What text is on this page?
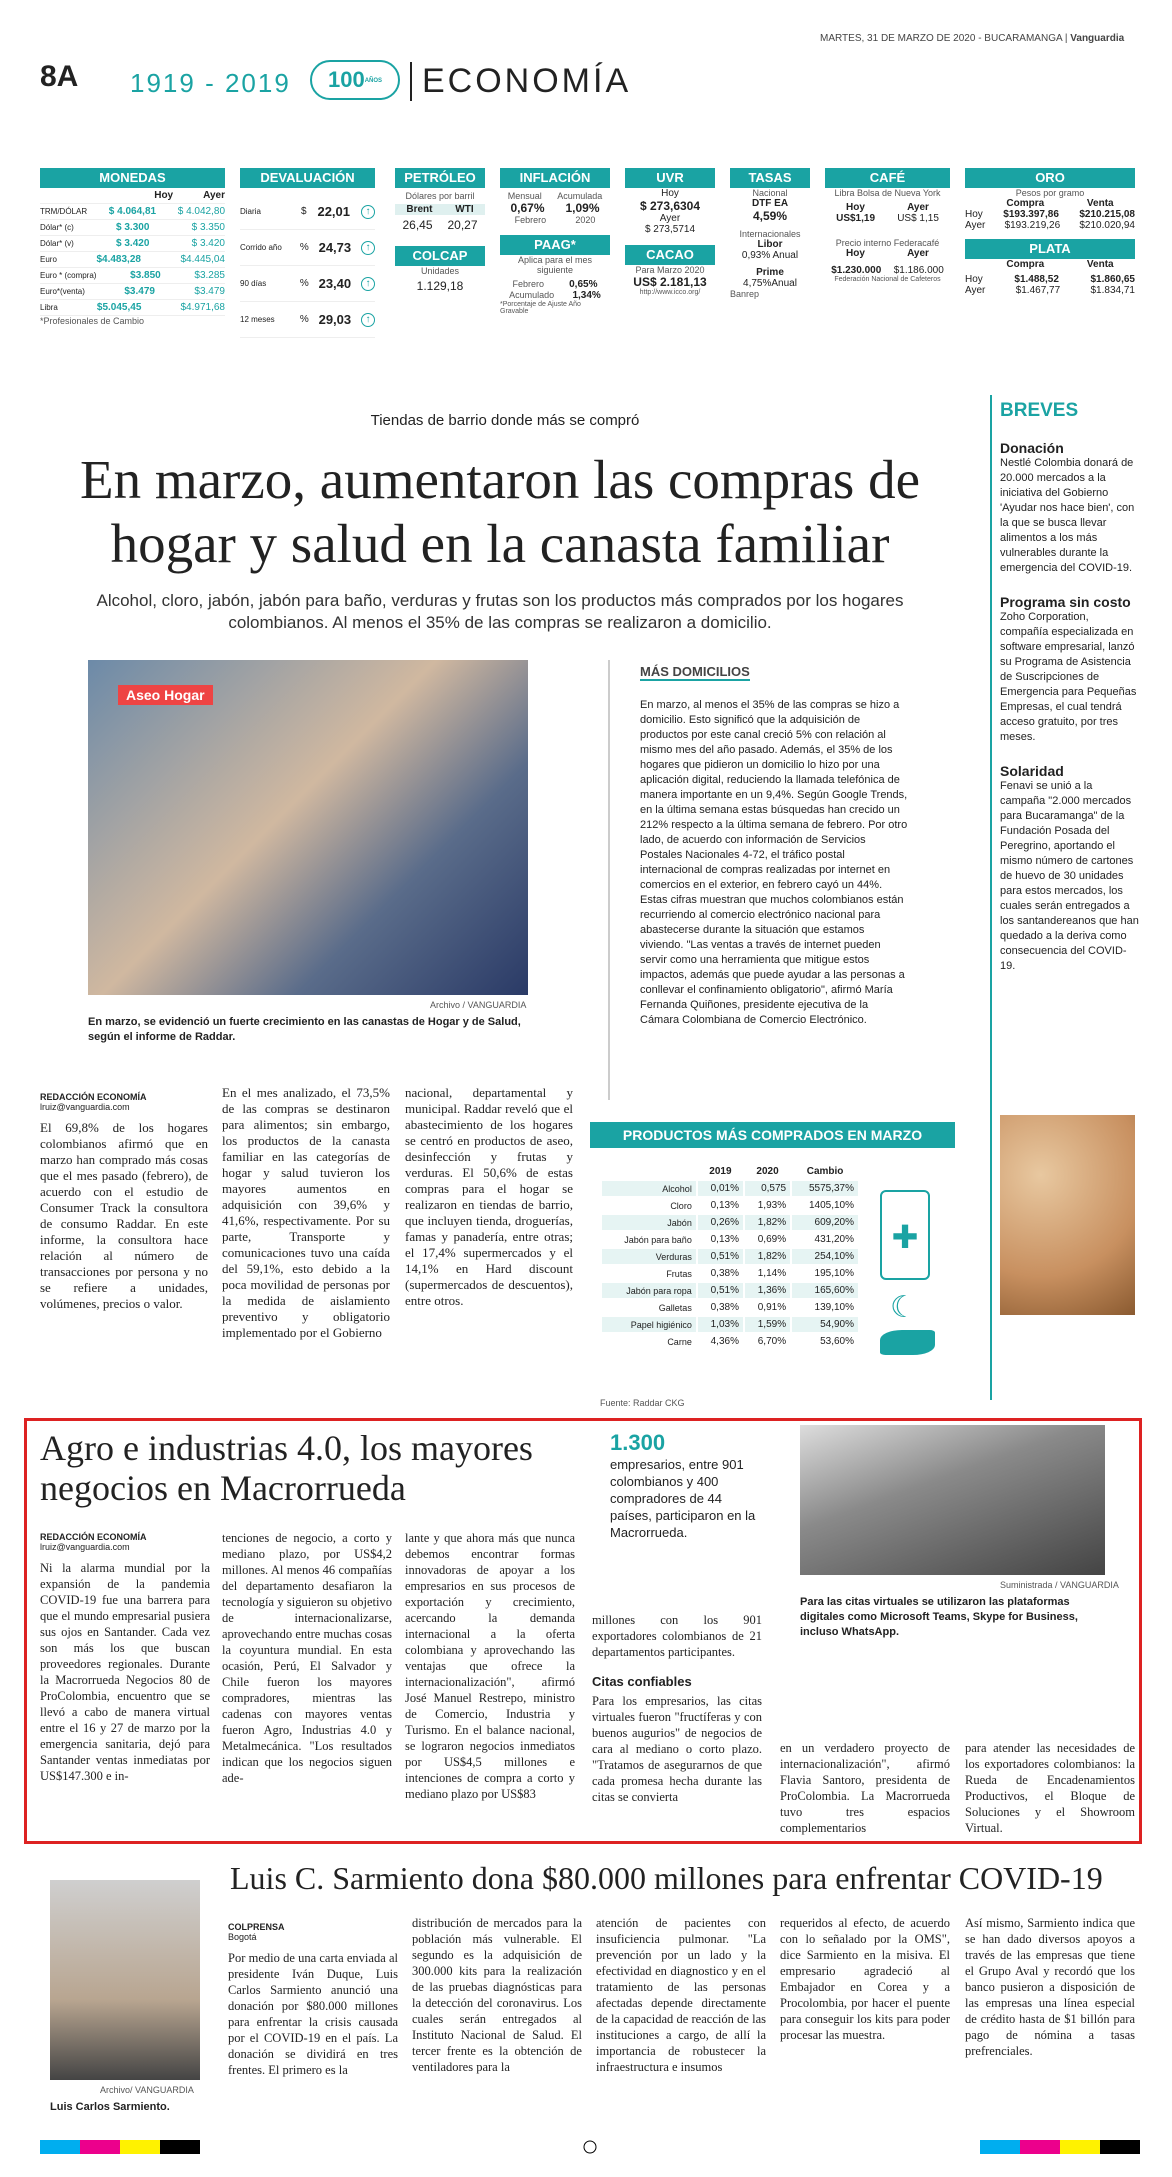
MARTES, 31 DE MARZO DE 2020 - BUCARAMANGA | Vanguardia
8A 1919 - 2019	100AÑOS	ECONOMÍA
MONEDAS
Hoy	Ayer
TRM/DÓLAR $ 4.064,81 $ 4.042,80
Dólar* (c)	$ 3.300	$ 3.350
Dólar* (v)	$ 3.420	$ 3.420
Euro	$4.483,28	$4.445,04
Euro * (compra)	$3.850	$3.285
Euro*(venta)	$3.479	$3.479
Libra	$5.045,45	$4.971,68
*Profesionales de Cambio
DEVALUACIÓN
Diaria	$ 22,01	↑
Corrido año	% 24,73	↑
90 días	% 23,40	↑
12 meses	% 29,03	↑
PETRÓLEO
Dólares por barril
Brent WTI
26,45 20,27
COLCAP
Unidades
1.129,18
INFLACIÓN
Mensual Acumulada
0,67% 1,09%
Febrero	2020
PAAG*
Aplica para el mes siguiente
Febrero	0,65%
Acumulado 1,34%
*Porcentaje de Ajuste Año Gravable
UVR
Hoy
$ 273,6304
Ayer
$ 273,5714
CACAO
Para Marzo 2020
US$ 2.181,13
http://www.icco.org/
TASAS
Nacional
DTF EA
4,59%
Internacionales
Libor
0,93% Anual
Prime
4,75%Anual
Banrep
CAFÉ
Libra Bolsa de Nueva York
Hoy	Ayer
US$1,19 US$ 1,15
Precio interno Federacafé
Hoy	Ayer
$1.230.000 $1.186.000
Federación Nacional de Cafeteros
ORO
Pesos por gramo
Compra	Venta
Hoy $193.397,86 $210.215,08
Ayer $193.219,26 $210.020,94
PLATA
Compra	Venta
Hoy	$1.488,52	$1.860,65
Ayer	$1.467,77	$1.834,71
Tiendas de barrio donde más se compró
En marzo, aumentaron las compras de hogar y salud en la canasta familiar
Alcohol, cloro, jabón, jabón para baño, verduras y frutas son los productos más comprados por los hogares colombianos. Al menos el 35% de las compras se realizaron a domicilio.
Aseo Hogar
Archivo / VANGUARDIA
En marzo, se evidenció un fuerte crecimiento en las canastas de Hogar y de Salud, según el informe de Raddar.
REDACCIÓN ECONOMÍA
lruiz@vanguardia.com
El 69,8% de los hogares colombianos afirmó que en marzo han comprado más cosas que el mes pasado (febrero), de acuerdo con el estudio de Consumer Track la consultora de consumo Raddar. En este informe, la consultora hace relación al número de transacciones por persona y no se refiere a unidades, volúmenes, precios o valor.
En el mes analizado, el 73,5% de las compras se destinaron para alimentos; sin embargo, los productos de la canasta familiar en las categorías de hogar y salud tuvieron los mayores aumentos en adquisición con 39,6% y 41,6%, respectivamente. Por su parte, Transporte y comunicaciones tuvo una caída del 59,1%, esto debido a la poca movilidad de personas por la medida de aislamiento preventivo y obligatorio implementado por el Gobierno
nacional, departamental y municipal. Raddar reveló que el abastecimiento de los hogares se centró en productos de aseo, desinfección y frutas y verduras. El 50,6% de estas compras para el hogar se realizaron en tiendas de barrio, que incluyen tienda, droguerías, famas y panadería, entre otras; el 17,4% supermercados y el 14,1% en Hard discount (supermercados de descuentos), entre otros.
MÁS DOMICILIOS
En marzo, al menos el 35% de las compras se hizo a domicilio. Esto significó que la adquisición de productos por este canal creció 5% con relación al mismo mes del año pasado. Además, el 35% de los hogares que pidieron un domicilio lo hizo por una aplicación digital, reduciendo la llamada telefónica de manera importante en un 9,4%. Según Google Trends, en la última semana estas búsquedas han crecido un 212% respecto a la última semana de febrero. Por otro lado, de acuerdo con información de Servicios Postales Nacionales 4-72, el tráfico postal internacional de compras realizadas por internet en comercios en el exterior, en febrero cayó un 44%. Estas cifras muestran que muchos colombianos están recurriendo al comercio electrónico nacional para abastecerse durante la situación que estamos viviendo. "Las ventas a través de internet pueden servir como una herramienta que mitigue estos impactos, además que puede ayudar a las personas a conllevar el confinamiento obligatorio", afirmó María Fernanda Quiñones, presidente ejecutiva de la Cámara Colombiana de Comercio Electrónico.
PRODUCTOS MÁS COMPRADOS EN MARZO
	2019	2020	Cambio
Alcohol	0,01%	0,575	5575,37%
Cloro	0,13%	1,93%	1405,10%
Jabón	0,26%	1,82%	609,20%
Jabón para baño	0,13%	0,69%	431,20%
Verduras	0,51%	1,82%	254,10%
Frutas	0,38%	1,14%	195,10%
Jabón para ropa	0,51%	1,36%	165,60%
Galletas	0,38%	0,91%	139,10%
Papel higiénico	1,03%	1,59%	54,90%
Carne	4,36%	6,70%	53,60%
✚
☾
Fuente: Raddar CKG
BREVES
Donación
Nestlé Colombia donará de 20.000 mercados a la iniciativa del Gobierno 'Ayudar nos hace bien', con la que se busca llevar alimentos a los más vulnerables durante la emergencia del COVID-19.
Programa sin costo
Zoho Corporation, compañía especializada en software empresarial, lanzó su Programa de Asistencia de Suscripciones de Emergencia para Pequeñas Empresas, el cual tendrá acceso gratuito, por tres meses.
Solaridad
Fenavi se unió a la campaña "2.000 mercados para Bucaramanga" de la Fundación Posada del Peregrino, aportando el mismo número de cartones de huevo de 30 unidades para estos mercados, los cuales serán entregados a los santandereanos que han quedado a la deriva como consecuencia del COVID-19.
Agro e industrias 4.0, los mayores negocios en Macrorrueda
1.300
empresarios, entre 901 colombianos y 400 compradores de 44 países, participaron en la Macrorrueda.
Suministrada / VANGUARDIA
Para las citas virtuales se utilizaron las plataformas digitales como Microsoft Teams, Skype for Business, incluso WhatsApp.
REDACCIÓN ECONOMÍA
lruiz@vanguardia.com
Ni la alarma mundial por la expansión de la pandemia COVID-19 fue una barrera para que el mundo empresarial pusiera sus ojos en Santander. Cada vez son más los que buscan proveedores regionales. Durante la Macrorrueda Negocios 80 de ProColombia, encuentro que se llevó a cabo de manera virtual entre el 16 y 27 de marzo por la emergencia sanitaria, dejó para Santander ventas inmediatas por US$147.300 e in-
tenciones de negocio, a corto y mediano plazo, por US$4,2 millones. Al menos 46 compañías del departamento desafiaron la tecnología y siguieron su objetivo de internacionalizarse, aprovechando entre muchas cosas la coyuntura mundial. En esta ocasión, Perú, El Salvador y Chile fueron los mayores compradores, mientras las cadenas con mayores ventas fueron Agro, Industrias 4.0 y Metalmecánica. "Los resultados indican que los negocios siguen ade-
lante y que ahora más que nunca debemos encontrar formas innovadoras de apoyar a los empresarios en sus procesos de exportación y crecimiento, acercando la demanda internacional a la oferta colombiana y aprovechando las ventajas que ofrece la internacionalización", afirmó José Manuel Restrepo, ministro de Comercio, Industria y Turismo. En el balance nacional, se lograron negocios inmediatos por US$4,5 millones e intenciones de compra a corto y mediano plazo por US$83
millones con los 901 exportadores colombianos de 21 departamentos participantes.
Citas confiables
Para los empresarios, las citas virtuales fueron "fructíferas y con buenos augurios" de negocios de cara al mediano o corto plazo. "Tratamos de asegurarnos de que cada promesa hecha durante las citas se convierta
en un verdadero proyecto de internacionalización", afirmó Flavia Santoro, presidenta de ProColombia. La Macrorrueda tuvo tres espacios complementarios
para atender las necesidades de los exportadores colombianos: la Rueda de Encadenamientos Productivos, el Bloque de Soluciones y el Showroom Virtual.
Luis C. Sarmiento dona $80.000 millones para enfrentar COVID-19
Archivo/ VANGUARDIA
Luis Carlos Sarmiento.
COLPRENSA
Bogotá
Por medio de una carta enviada al presidente Iván Duque, Luis Carlos Sarmiento anunció una donación por $80.000 millones para enfrentar la crisis causada por el COVID-19 en el país. La donación se dividirá en tres frentes. El primero es la
distribución de mercados para la población más vulnerable. El segundo es la adquisición de 300.000 kits para la realización de las pruebas diagnósticas para la detección del coronavirus. Los cuales serán entregados al Instituto Nacional de Salud. El tercer frente es la obtención de ventiladores para la
atención de pacientes con insuficiencia pulmonar. "La prevención por un lado y la efectividad en diagnostico y en el tratamiento de las personas afectadas depende directamente de la capacidad de reacción de las instituciones a cargo, de allí la importancia de robustecer la infraestructura e insumos
requeridos al efecto, de acuerdo con lo señalado por la OMS", dice Sarmiento en la misiva. El empresario agradeció al Embajador en Corea y a Procolombia, por hacer el puente para conseguir los kits para poder procesar las muestra.
Así mismo, Sarmiento indica que se han dado diversos apoyos a través de las empresas que tiene el Grupo Aval y recordó que los banco pusieron a disposición de las empresas una línea especial de crédito hasta de $1 billón para pago de nómina a tasas prefrenciales.
